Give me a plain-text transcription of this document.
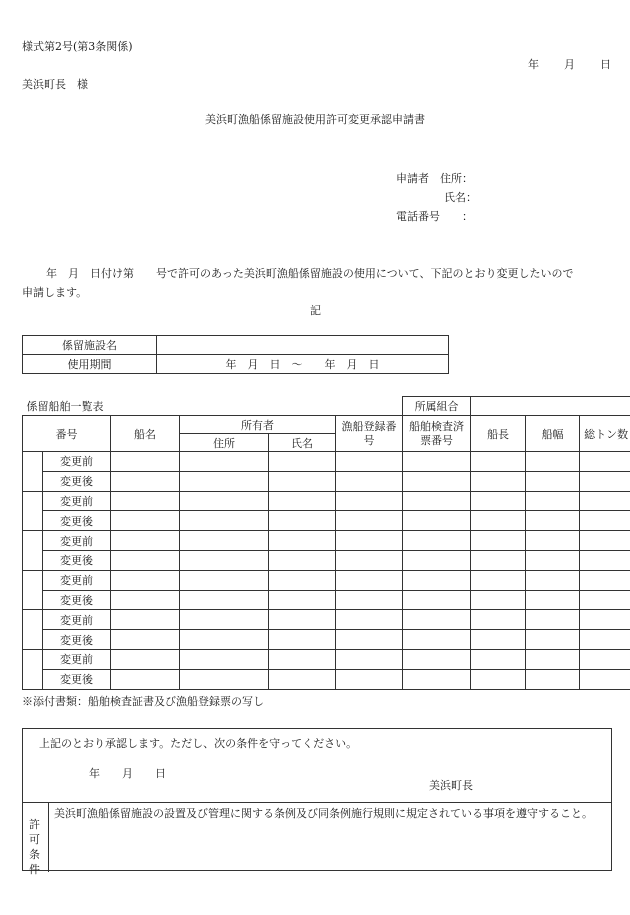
様式第2号(第3条関係)
年　　月　　日
美浜町長　様
美浜町漁船係留施設使用許可変更承認申請書
申請者　住所：
氏名：
電話番号　　：
年　月　日付け第　　号で許可のあった美浜町漁船係留施設の使用について、下記のとおり変更したいので
申請します。
記
係留施設名	
使用期間	年　月　日　～　　年　月　日
係留船舶一覧表						所属組合			
番号		船名	所有者		漁船登録番号	船舶検査済票番号	船長	船幅	総トン数
			住所	氏名					
	変更前								
	変更後								
	変更前								
	変更後								
	変更前								
	変更後								
	変更前								
	変更後								
	変更前								
	変更後								
	変更前								
	変更後								
※添付書類：船舶検査証書及び漁船登録票の写し
上記のとおり承認します。ただし、次の条件を守ってください。
年　　月　　日
美浜町長
許可条件
美浜町漁船係留施設の設置及び管理に関する条例及び同条例施行規則に規定されている事項を遵守すること。
